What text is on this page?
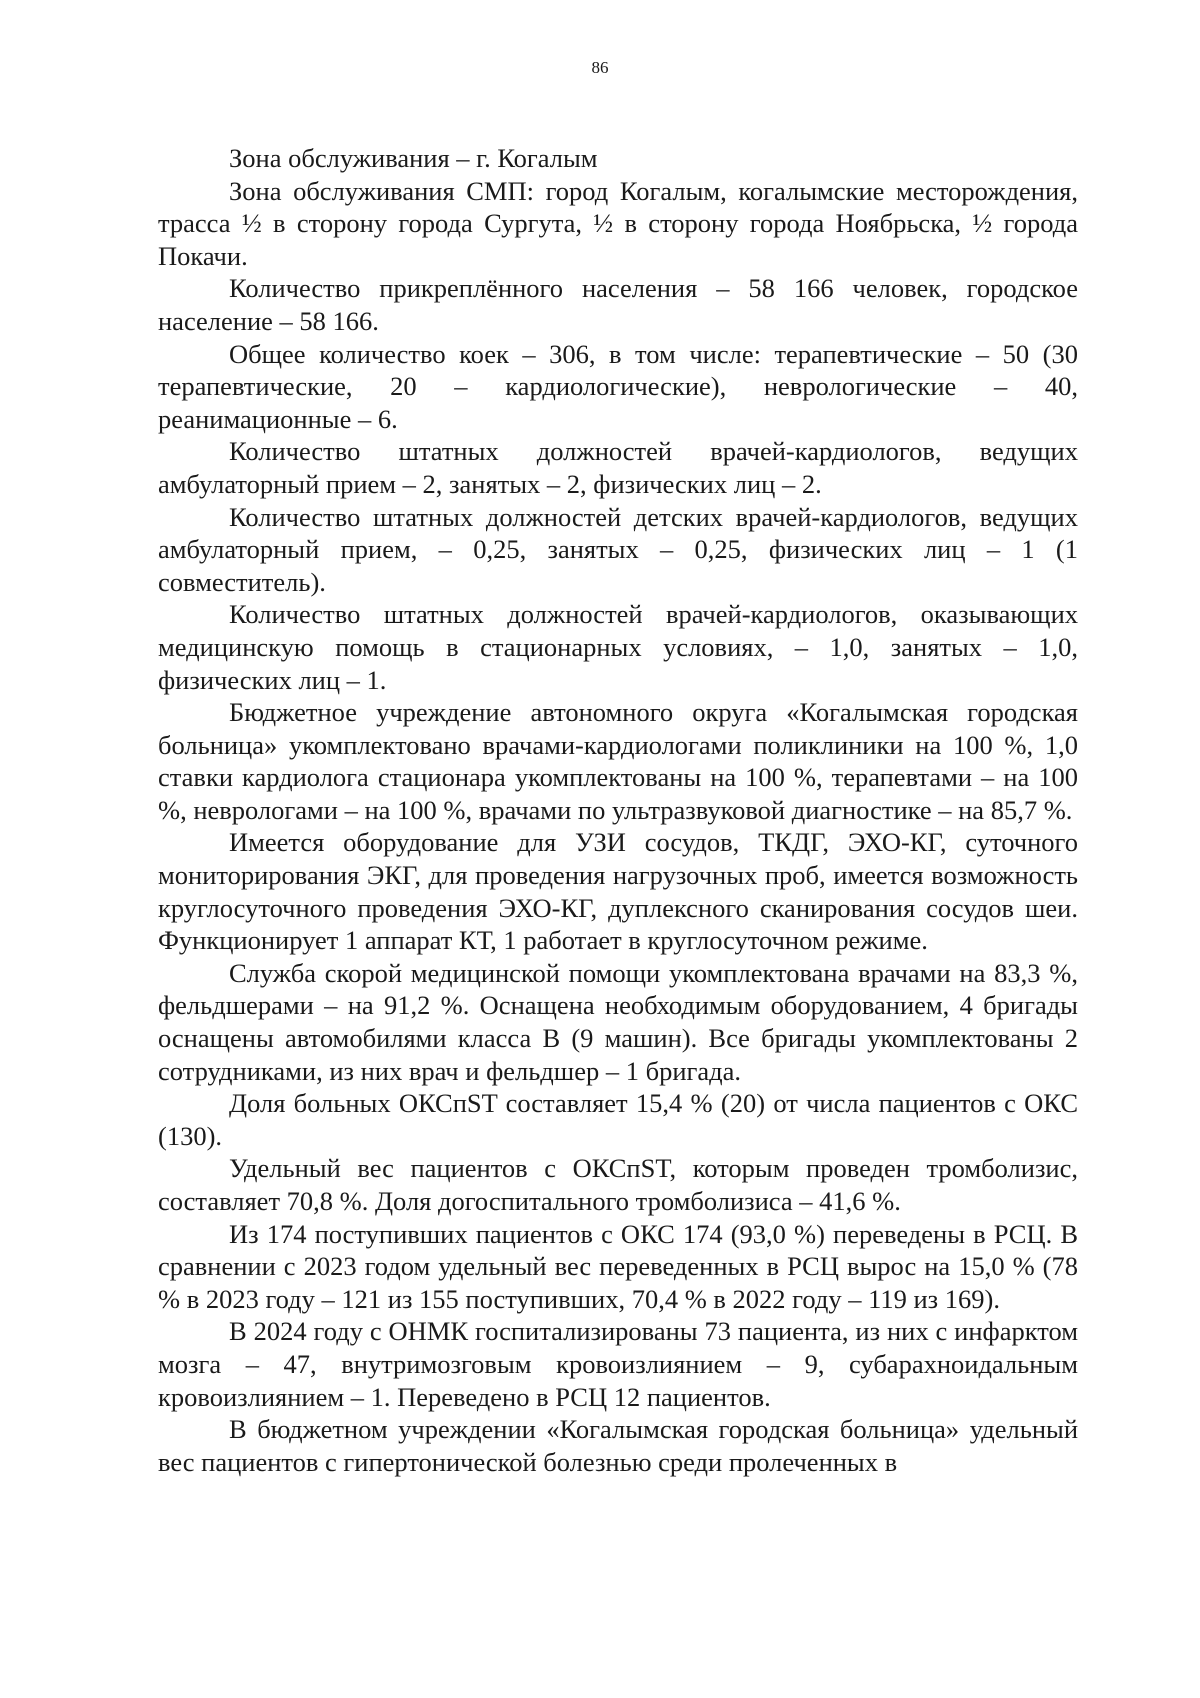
86

Зона обслуживания – г. Когалым

Зона обслуживания СМП: город Когалым, когалымские месторождения, трасса ½ в сторону города Сургута, ½ в сторону города Ноябрьска, ½ города Покачи.

Количество прикреплённого населения – 58 166 человек, городское население – 58 166.

Общее количество коек – 306, в том числе: терапевтические – 50 (30 терапевтические, 20 – кардиологические), неврологические – 40, реанимационные – 6.

Количество штатных должностей врачей-кардиологов, ведущих амбулаторный прием – 2, занятых – 2, физических лиц – 2.

Количество штатных должностей детских врачей-кардиологов, ведущих амбулаторный прием, – 0,25, занятых – 0,25, физических лиц – 1 (1 совместитель).

Количество штатных должностей врачей-кардиологов, оказывающих медицинскую помощь в стационарных условиях, – 1,0, занятых – 1,0, физических лиц – 1.

Бюджетное учреждение автономного округа «Когалымская городская больница» укомплектовано врачами-кардиологами поликлиники на 100 %, 1,0 ставки кардиолога стационара укомплектованы на 100 %, терапевтами – на 100 %, неврологами – на 100 %, врачами по ультразвуковой диагностике – на 85,7 %.

Имеется оборудование для УЗИ сосудов, ТКДГ, ЭХО-КГ, суточного мониторирования ЭКГ, для проведения нагрузочных проб, имеется возможность круглосуточного проведения ЭХО-КГ, дуплексного сканирования сосудов шеи. Функционирует 1 аппарат КТ, 1 работает в круглосуточном режиме.

Служба скорой медицинской помощи укомплектована врачами на 83,3 %, фельдшерами – на 91,2 %. Оснащена необходимым оборудованием, 4 бригады оснащены автомобилями класса В (9 машин). Все бригады укомплектованы 2 сотрудниками, из них врач и фельдшер – 1 бригада.

Доля больных ОКСпST составляет 15,4 % (20) от числа пациентов с ОКС (130).

Удельный вес пациентов с ОКСпST, которым проведен тромболизис, составляет 70,8 %. Доля догоспитального тромболизиса – 41,6 %.

Из 174 поступивших пациентов с ОКС 174 (93,0 %) переведены в РСЦ. В сравнении с 2023 годом удельный вес переведенных в РСЦ вырос на 15,0 % (78 % в 2023 году – 121 из 155 поступивших, 70,4 % в 2022 году – 119 из 169).

В 2024 году с ОНМК госпитализированы 73 пациента, из них с инфарктом мозга – 47, внутримозговым кровоизлиянием – 9, субарахноидальным кровоизлиянием – 1. Переведено в РСЦ 12 пациентов.

В бюджетном учреждении «Когалымская городская больница» удельный вес пациентов с гипертонической болезнью среди пролеченных в
